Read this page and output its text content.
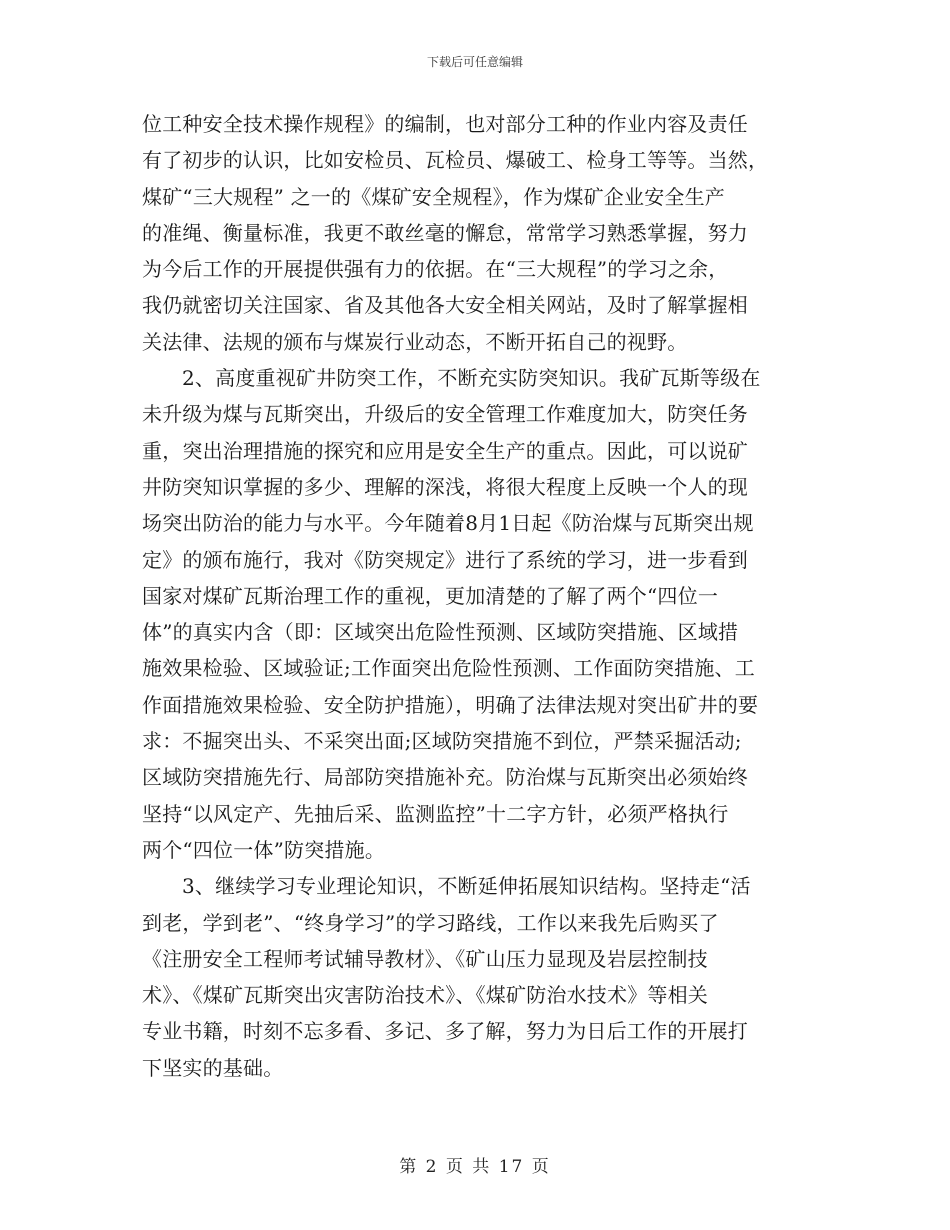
下载后可任意编辑
位工种安全技术操作规程》的编制，也对部分工种的作业内容及责任
有了初步的认识，比如安检员、瓦检员、爆破工、检身工等等。当然，
煤矿“三大规程” 之一的《煤矿安全规程》，作为煤矿企业安全生产
的准绳、衡量标准，我更不敢丝毫的懈怠，常常学习熟悉掌握，努力
为今后工作的开展提供强有力的依据。在“三大规程”的学习之余，
我仍就密切关注国家、省及其他各大安全相关网站，及时了解掌握相
关法律、法规的颁布与煤炭行业动态，不断开拓自己的视野。
2、高度重视矿井防突工作，不断充实防突知识。我矿瓦斯等级在
未升级为煤与瓦斯突出，升级后的安全管理工作难度加大，防突任务
重，突出治理措施的探究和应用是安全生产的重点。因此，可以说矿
井防突知识掌握的多少、理解的深浅，将很大程度上反映一个人的现
场突出防治的能力与水平。今年随着8月1日起《防治煤与瓦斯突出规
定》的颁布施行，我对《防突规定》进行了系统的学习，进一步看到
国家对煤矿瓦斯治理工作的重视，更加清楚的了解了两个“四位一
体”的真实内含（即：区域突出危险性预测、区域防突措施、区域措
施效果检验、区域验证;工作面突出危险性预测、工作面防突措施、工
作面措施效果检验、安全防护措施），明确了法律法规对突出矿井的要
求：不掘突出头、不采突出面;区域防突措施不到位，严禁采掘活动;
区域防突措施先行、局部防突措施补充。防治煤与瓦斯突出必须始终
坚持“以风定产、先抽后采、监测监控”十二字方针，必须严格执行
两个“四位一体”防突措施。
3、继续学习专业理论知识，不断延伸拓展知识结构。坚持走“活
到老，学到老”、“终身学习”的学习路线，工作以来我先后购买了
《注册安全工程师考试辅导教材》、《矿山压力显现及岩层控制技
术》、《煤矿瓦斯突出灾害防治技术》、《煤矿防治水技术》等相关
专业书籍，时刻不忘多看、多记、多了解，努力为日后工作的开展打
下坚实的基础。
第 2 页 共 17 页
